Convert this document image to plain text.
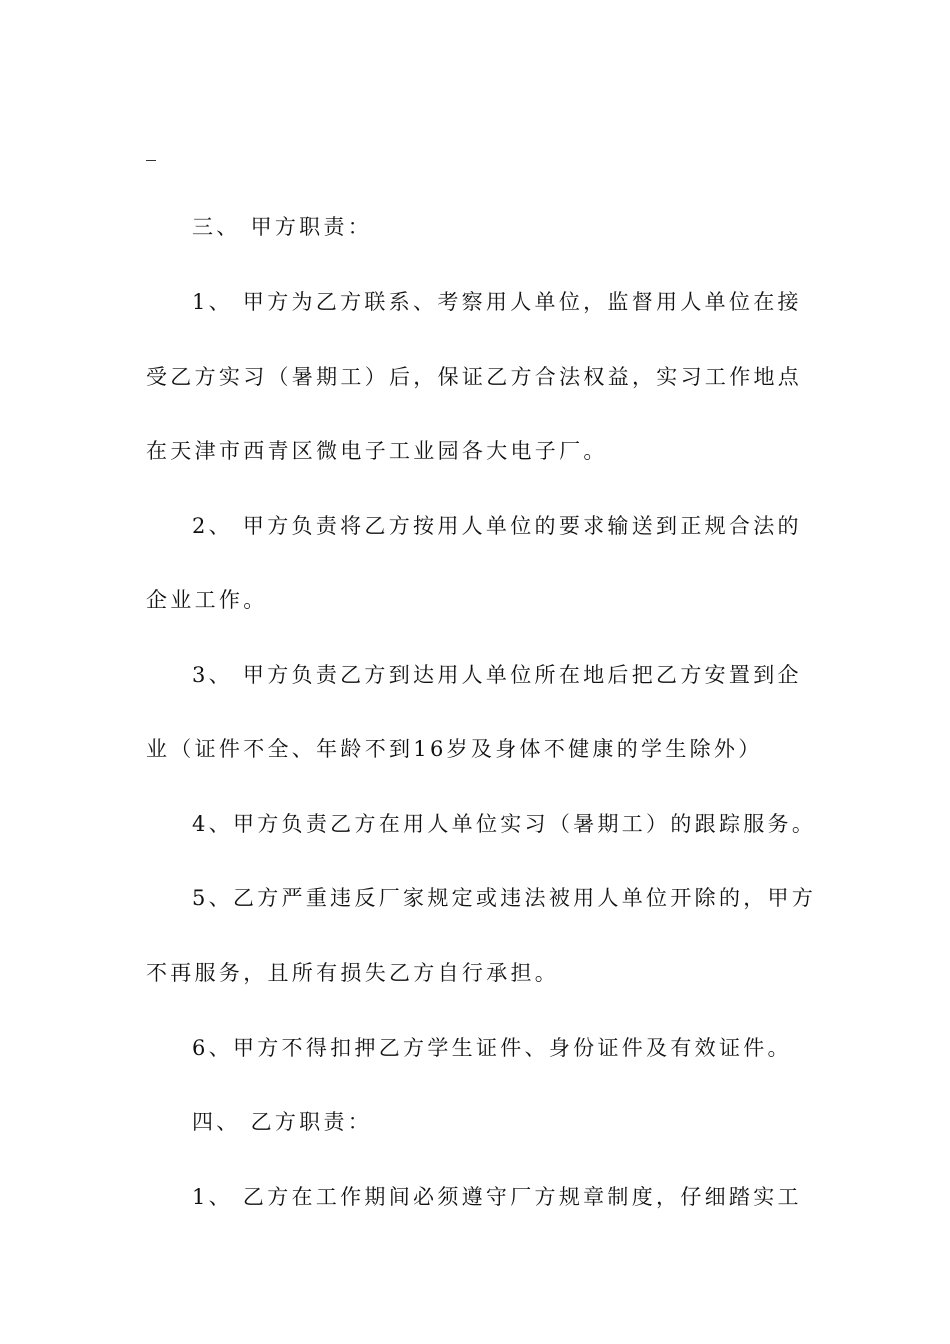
三、 甲方职责：
1、 甲方为乙方联系、考察用人单位，监督用人单位在接
受乙方实习（暑期工）后，保证乙方合法权益，实习工作地点
在天津市西青区微电子工业园各大电子厂。
2、 甲方负责将乙方按用人单位的要求输送到正规合法的
企业工作。
3、 甲方负责乙方到达用人单位所在地后把乙方安置到企
业（证件不全、年龄不到16岁及身体不健康的学生除外）
4、甲方负责乙方在用人单位实习（暑期工）的跟踪服务。
5、乙方严重违反厂家规定或违法被用人单位开除的，甲方
不再服务，且所有损失乙方自行承担。
6、甲方不得扣押乙方学生证件、身份证件及有效证件。
四、 乙方职责：
1、 乙方在工作期间必须遵守厂方规章制度，仔细踏实工
